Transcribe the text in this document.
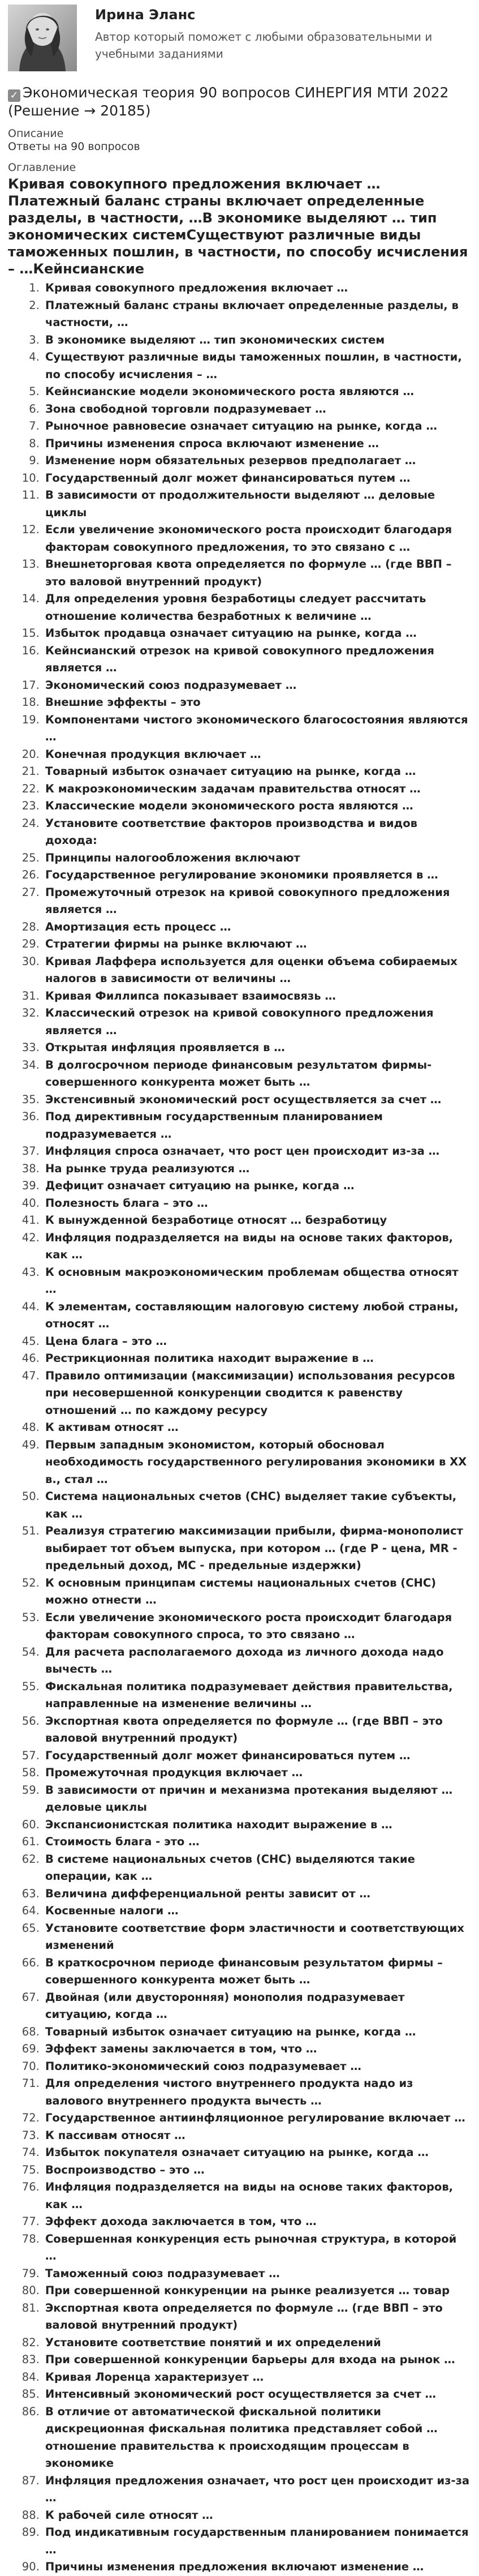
Ирина Эланс
Автор который поможет с любыми образовательными и учебными заданиями
✓ Экономическая теория 90 вопросов СИНЕРГИЯ МТИ 2022 (Решение → 20185)
Описание
Ответы на 90 вопросов
Оглавление
Кривая совокупного предложения включает …Платежный баланс страны включает определенные разделы, в частности, …В экономике выделяют … тип экономических системСуществуют различные виды таможенных пошлин, в частности, по способу исчисления – …Кейнсианские
1. Кривая совокупного предложения включает …
2. Платежный баланс страны включает определенные разделы, в частности, …
3. В экономике выделяют … тип экономических систем
4. Существуют различные виды таможенных пошлин, в частности, по способу исчисления – …
5. Кейнсианские модели экономического роста являются …
6. Зона свободной торговли подразумевает …
7. Рыночное равновесие означает ситуацию на рынке, когда …
8. Причины изменения спроса включают изменение …
9. Изменение норм обязательных резервов предполагает …
10. Государственный долг может финансироваться путем …
11. В зависимости от продолжительности выделяют … деловые циклы
12. Если увеличение экономического роста происходит благодаря факторам совокупного предложения, то это связано с …
13. Внешнеторговая квота определяется по формуле … (где ВВП – это валовой внутренний продукт)
14. Для определения уровня безработицы следует рассчитать отношение количества безработных к величине …
15. Избыток продавца означает ситуацию на рынке, когда …
16. Кейнсианский отрезок на кривой совокупного предложения является …
17. Экономический союз подразумевает …
18. Внешние эффекты – это
19. Компонентами чистого экономического благосостояния являются …
20. Конечная продукция включает …
21. Товарный избыток означает ситуацию на рынке, когда …
22. К макроэкономическим задачам правительства относят …
23. Классические модели экономического роста являются …
24. Установите соответствие факторов производства и видов дохода:
25. Принципы налогообложения включают
26. Государственное регулирование экономики проявляется в …
27. Промежуточный отрезок на кривой совокупного предложения является …
28. Амортизация есть процесс …
29. Стратегии фирмы на рынке включают …
30. Кривая Лаффера используется для оценки объема собираемых налогов в зависимости от величины …
31. Кривая Филлипса показывает взаимосвязь …
32. Классический отрезок на кривой совокупного предложения является …
33. Открытая инфляция проявляется в …
34. В долгосрочном периоде финансовым результатом фирмы-совершенного конкурента может быть …
35. Экстенсивный экономический рост осуществляется за счет …
36. Под директивным государственным планированием подразумевается …
37. Инфляция спроса означает, что рост цен происходит из-за …
38. На рынке труда реализуются …
39. Дефицит означает ситуацию на рынке, когда …
40. Полезность блага – это …
41. К вынужденной безработице относят … безработицу
42. Инфляция подразделяется на виды на основе таких факторов, как …
43. К основным макроэкономическим проблемам общества относят …
44. К элементам, составляющим налоговую систему любой страны, относят …
45. Цена блага – это …
46. Рестрикционная политика находит выражение в …
47. Правило оптимизации (максимизации) использования ресурсов при несовершенной конкуренции сводится к равенству отношений … по каждому ресурсу
48. К активам относят …
49. Первым западным экономистом, который обосновал необходимость государственного регулирования экономики в XX в., стал …
50. Система национальных счетов (СНС) выделяет такие субъекты, как …
51. Реализуя стратегию максимизации прибыли, фирма-монополист выбирает тот объем выпуска, при котором … (где P - цена, MR - предельный доход, МС - предельные издержки)
52. К основным принципам системы национальных счетов (СНС) можно отнести …
53. Если увеличение экономического роста происходит благодаря факторам совокупного спроса, то это связано …
54. Для расчета располагаемого дохода из личного дохода надо вычесть …
55. Фискальная политика подразумевает действия правительства, направленные на изменение величины …
56. Экспортная квота определяется по формуле … (где ВВП – это валовой внутренний продукт)
57. Государственный долг может финансироваться путем …
58. Промежуточная продукция включает …
59. В зависимости от причин и механизма протекания выделяют … деловые циклы
60. Экспансионистская политика находит выражение в …
61. Стоимость блага - это …
62. В системе национальных счетов (СНС) выделяются такие операции, как …
63. Величина дифференциальной ренты зависит от …
64. Косвенные налоги …
65. Установите соответствие форм эластичности и соответствующих изменений
66. В краткосрочном периоде финансовым результатом фирмы – совершенного конкурента может быть …
67. Двойная (или двусторонняя) монополия подразумевает ситуацию, когда …
68. Товарный избыток означает ситуацию на рынке, когда …
69. Эффект замены заключается в том, что …
70. Политико-экономический союз подразумевает …
71. Для определения чистого внутреннего продукта надо из валового внутреннего продукта вычесть …
72. Государственное антиинфляционное регулирование включает …
73. К пассивам относят …
74. Избыток покупателя означает ситуацию на рынке, когда …
75. Воспроизводство – это …
76. Инфляция подразделяется на виды на основе таких факторов, как …
77. Эффект дохода заключается в том, что …
78. Совершенная конкуренция есть рыночная структура, в которой …
79. Таможенный союз подразумевает …
80. При совершенной конкуренции на рынке реализуется … товар
81. Экспортная квота определяется по формуле … (где ВВП – это валовой внутренний продукт)
82. Установите соответствие понятий и их определений
83. При совершенной конкуренции барьеры для входа на рынок …
84. Кривая Лоренца характеризует …
85. Интенсивный экономический рост осуществляется за счет …
86. В отличие от автоматической фискальной политики дискреционная фискальная политика представляет собой … отношение правительства к происходящим процессам в экономике
87. Инфляция предложения означает, что рост цен происходит из-за …
88. К рабочей силе относят …
89. Под индикативным государственным планированием понимается …
90. Причины изменения предложения включают изменение …
